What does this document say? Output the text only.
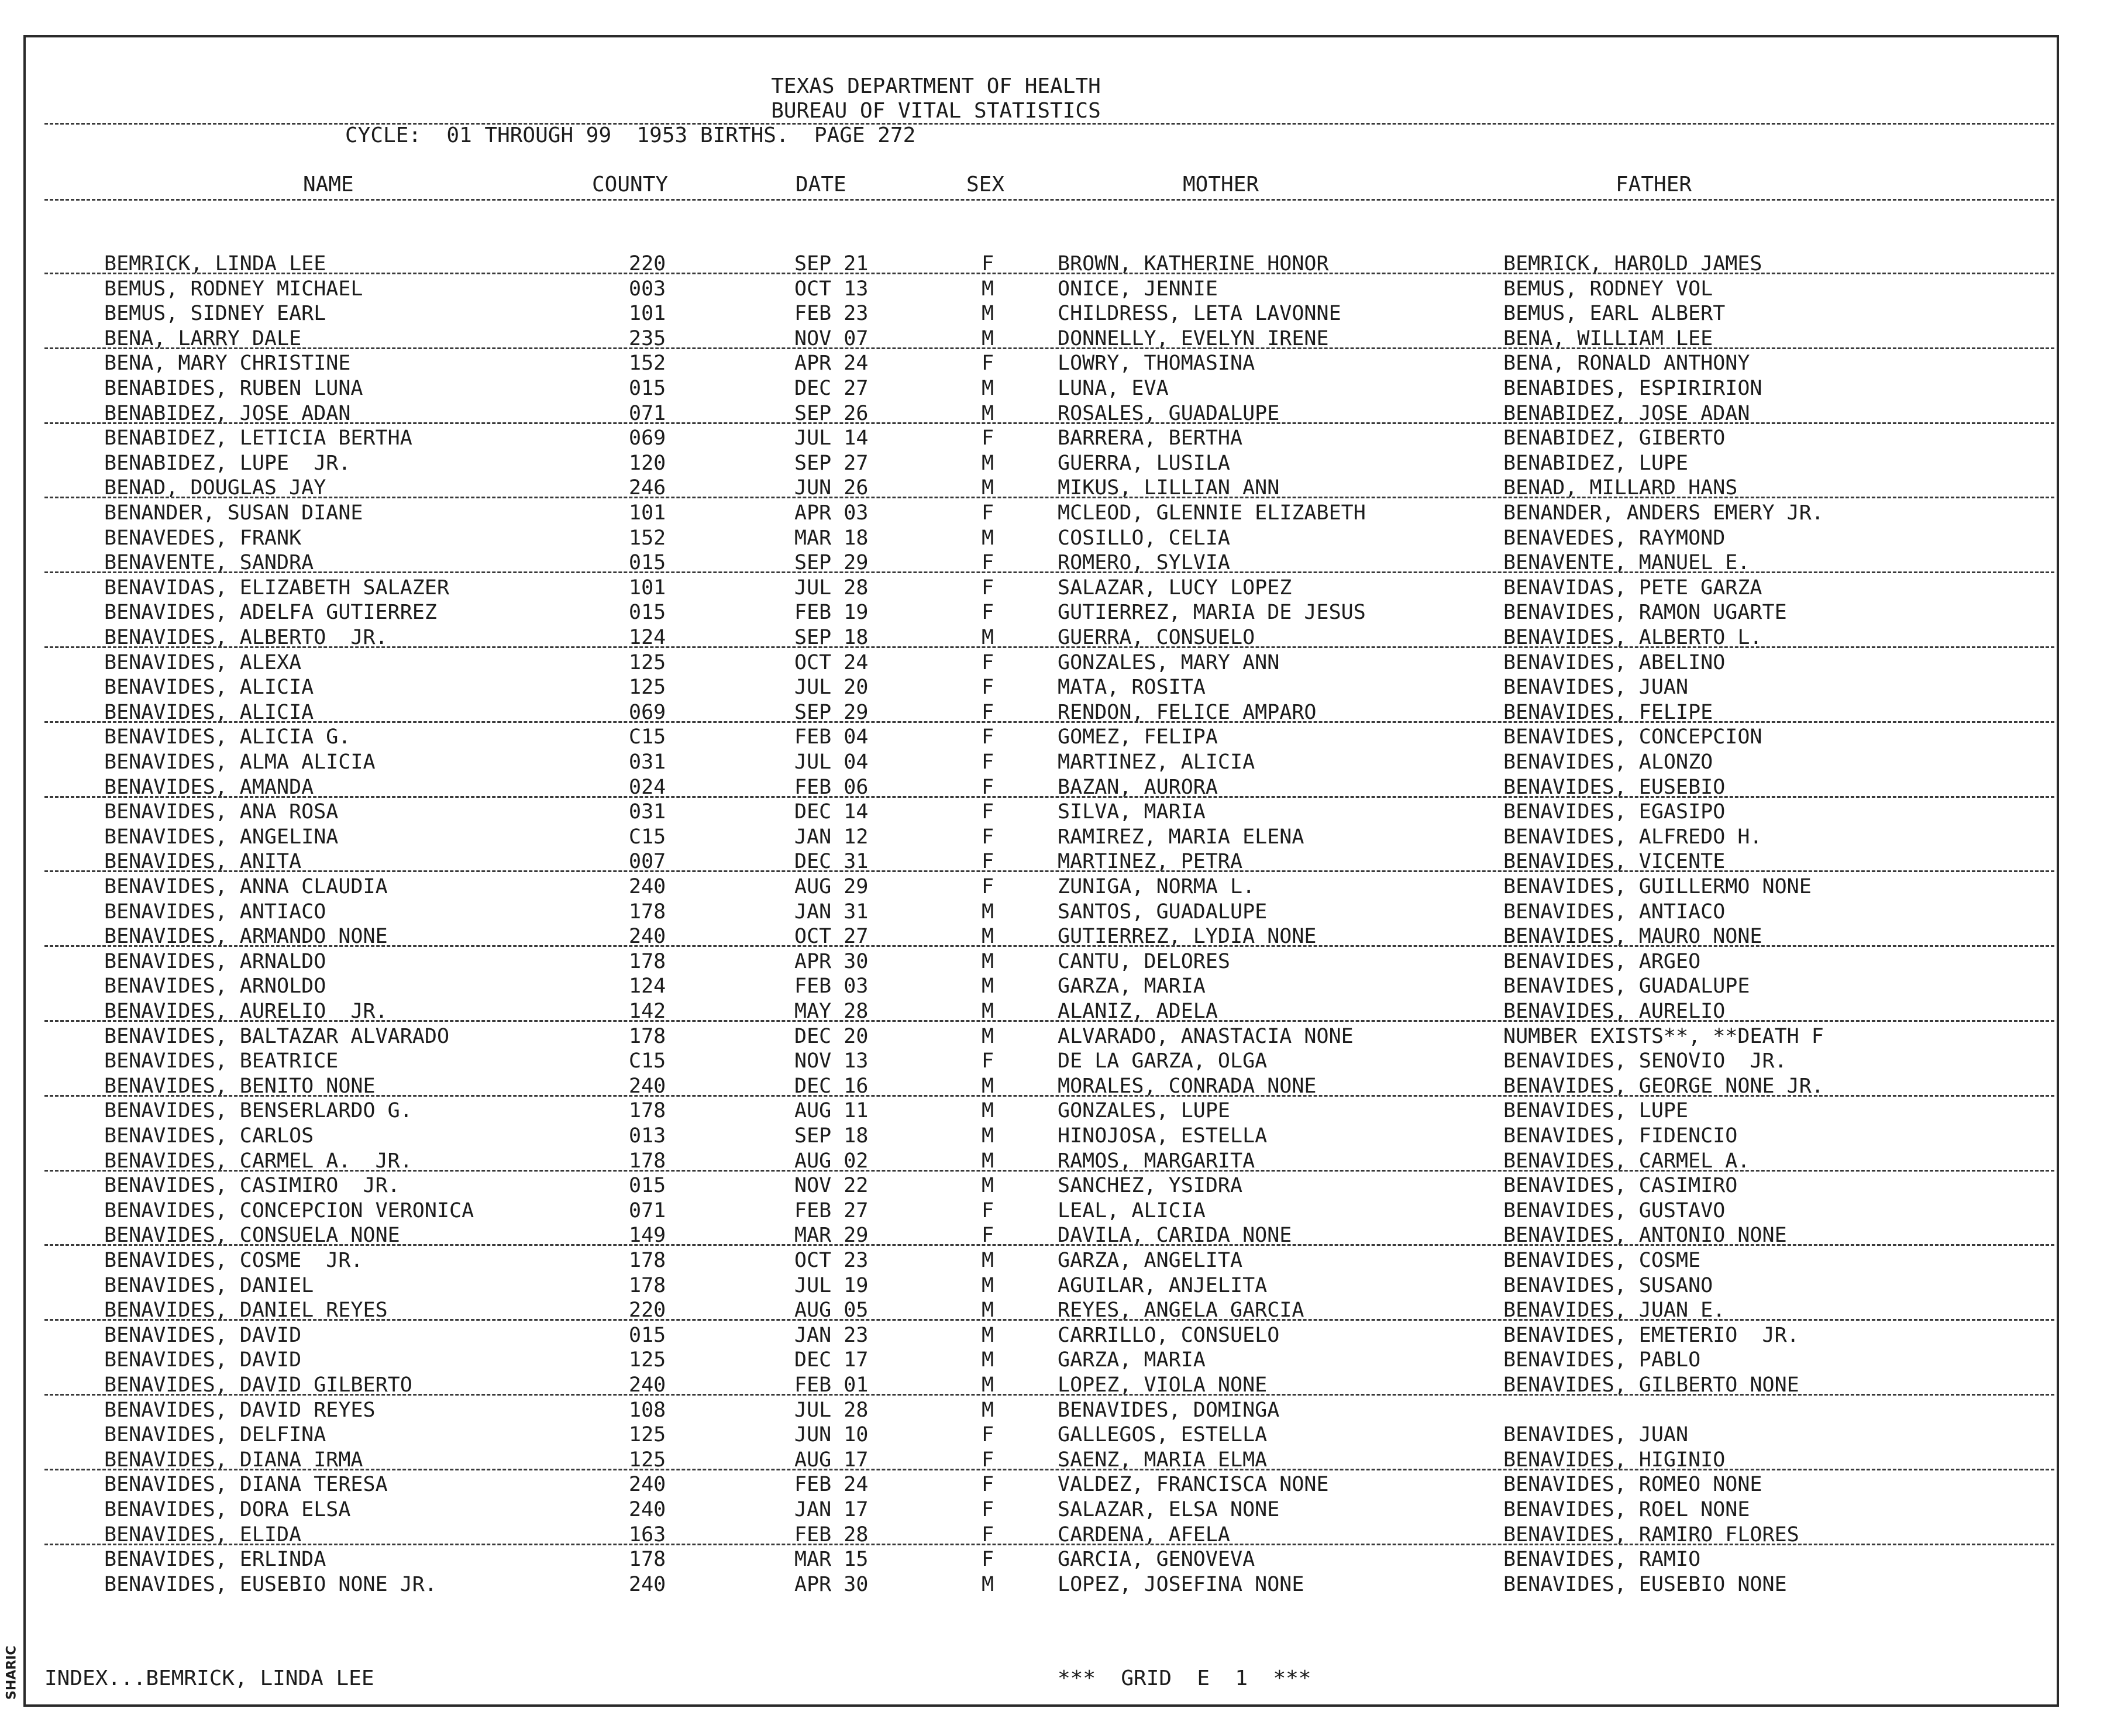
SHARIC
TEXAS DEPARTMENT OF HEALTH
BUREAU OF VITAL STATISTICS
CYCLE:  01 THROUGH 99  1953 BIRTHS.  PAGE 272
NAME	COUNTY	DATE	SEX	MOTHER	FATHER
BEMRICK, LINDA LEE	220	SEP 21	F	BROWN, KATHERINE HONOR	BEMRICK, HAROLD JAMES
BEMUS, RODNEY MICHAEL	003	OCT 13	M	ONICE, JENNIE	BEMUS, RODNEY VOL
BEMUS, SIDNEY EARL	101	FEB 23	M	CHILDRESS, LETA LAVONNE	BEMUS, EARL ALBERT
BENA, LARRY DALE	235	NOV 07	M	DONNELLY, EVELYN IRENE	BENA, WILLIAM LEE
BENA, MARY CHRISTINE	152	APR 24	F	LOWRY, THOMASINA	BENA, RONALD ANTHONY
BENABIDES, RUBEN LUNA	015	DEC 27	M	LUNA, EVA	BENABIDES, ESPIRIRION
BENABIDEZ, JOSE ADAN	071	SEP 26	M	ROSALES, GUADALUPE	BENABIDEZ, JOSE ADAN
BENABIDEZ, LETICIA BERTHA	069	JUL 14	F	BARRERA, BERTHA	BENABIDEZ, GIBERTO
BENABIDEZ, LUPE  JR.	120	SEP 27	M	GUERRA, LUSILA	BENABIDEZ, LUPE
BENAD, DOUGLAS JAY	246	JUN 26	M	MIKUS, LILLIAN ANN	BENAD, MILLARD HANS
BENANDER, SUSAN DIANE	101	APR 03	F	MCLEOD, GLENNIE ELIZABETH	BENANDER, ANDERS EMERY JR.
BENAVEDES, FRANK	152	MAR 18	M	COSILLO, CELIA	BENAVEDES, RAYMOND
BENAVENTE, SANDRA	015	SEP 29	F	ROMERO, SYLVIA	BENAVENTE, MANUEL E.
BENAVIDAS, ELIZABETH SALAZER	101	JUL 28	F	SALAZAR, LUCY LOPEZ	BENAVIDAS, PETE GARZA
BENAVIDES, ADELFA GUTIERREZ	015	FEB 19	F	GUTIERREZ, MARIA DE JESUS	BENAVIDES, RAMON UGARTE
BENAVIDES, ALBERTO  JR.	124	SEP 18	M	GUERRA, CONSUELO	BENAVIDES, ALBERTO L.
BENAVIDES, ALEXA	125	OCT 24	F	GONZALES, MARY ANN	BENAVIDES, ABELINO
BENAVIDES, ALICIA	125	JUL 20	F	MATA, ROSITA	BENAVIDES, JUAN
BENAVIDES, ALICIA	069	SEP 29	F	RENDON, FELICE AMPARO	BENAVIDES, FELIPE
BENAVIDES, ALICIA G.	C15	FEB 04	F	GOMEZ, FELIPA	BENAVIDES, CONCEPCION
BENAVIDES, ALMA ALICIA	031	JUL 04	F	MARTINEZ, ALICIA	BENAVIDES, ALONZO
BENAVIDES, AMANDA	024	FEB 06	F	BAZAN, AURORA	BENAVIDES, EUSEBIO
BENAVIDES, ANA ROSA	031	DEC 14	F	SILVA, MARIA	BENAVIDES, EGASIPO
BENAVIDES, ANGELINA	C15	JAN 12	F	RAMIREZ, MARIA ELENA	BENAVIDES, ALFREDO H.
BENAVIDES, ANITA	007	DEC 31	F	MARTINEZ, PETRA	BENAVIDES, VICENTE
BENAVIDES, ANNA CLAUDIA	240	AUG 29	F	ZUNIGA, NORMA L.	BENAVIDES, GUILLERMO NONE
BENAVIDES, ANTIACO	178	JAN 31	M	SANTOS, GUADALUPE	BENAVIDES, ANTIACO
BENAVIDES, ARMANDO NONE	240	OCT 27	M	GUTIERREZ, LYDIA NONE	BENAVIDES, MAURO NONE
BENAVIDES, ARNALDO	178	APR 30	M	CANTU, DELORES	BENAVIDES, ARGEO
BENAVIDES, ARNOLDO	124	FEB 03	M	GARZA, MARIA	BENAVIDES, GUADALUPE
BENAVIDES, AURELIO  JR.	142	MAY 28	M	ALANIZ, ADELA	BENAVIDES, AURELIO
BENAVIDES, BALTAZAR ALVARADO	178	DEC 20	M	ALVARADO, ANASTACIA NONE	NUMBER EXISTS**, **DEATH F
BENAVIDES, BEATRICE	C15	NOV 13	F	DE LA GARZA, OLGA	BENAVIDES, SENOVIO  JR.
BENAVIDES, BENITO NONE	240	DEC 16	M	MORALES, CONRADA NONE	BENAVIDES, GEORGE NONE JR.
BENAVIDES, BENSERLARDO G.	178	AUG 11	M	GONZALES, LUPE	BENAVIDES, LUPE
BENAVIDES, CARLOS	013	SEP 18	M	HINOJOSA, ESTELLA	BENAVIDES, FIDENCIO
BENAVIDES, CARMEL A.  JR.	178	AUG 02	M	RAMOS, MARGARITA	BENAVIDES, CARMEL A.
BENAVIDES, CASIMIRO  JR.	015	NOV 22	M	SANCHEZ, YSIDRA	BENAVIDES, CASIMIRO
BENAVIDES, CONCEPCION VERONICA	071	FEB 27	F	LEAL, ALICIA	BENAVIDES, GUSTAVO
BENAVIDES, CONSUELA NONE	149	MAR 29	F	DAVILA, CARIDA NONE	BENAVIDES, ANTONIO NONE
BENAVIDES, COSME  JR.	178	OCT 23	M	GARZA, ANGELITA	BENAVIDES, COSME
BENAVIDES, DANIEL	178	JUL 19	M	AGUILAR, ANJELITA	BENAVIDES, SUSANO
BENAVIDES, DANIEL REYES	220	AUG 05	M	REYES, ANGELA GARCIA	BENAVIDES, JUAN E.
BENAVIDES, DAVID	015	JAN 23	M	CARRILLO, CONSUELO	BENAVIDES, EMETERIO  JR.
BENAVIDES, DAVID	125	DEC 17	M	GARZA, MARIA	BENAVIDES, PABLO
BENAVIDES, DAVID GILBERTO	240	FEB 01	M	LOPEZ, VIOLA NONE	BENAVIDES, GILBERTO NONE
BENAVIDES, DAVID REYES	108	JUL 28	M	BENAVIDES, DOMINGA
BENAVIDES, DELFINA	125	JUN 10	F	GALLEGOS, ESTELLA	BENAVIDES, JUAN
BENAVIDES, DIANA IRMA	125	AUG 17	F	SAENZ, MARIA ELMA	BENAVIDES, HIGINIO
BENAVIDES, DIANA TERESA	240	FEB 24	F	VALDEZ, FRANCISCA NONE	BENAVIDES, ROMEO NONE
BENAVIDES, DORA ELSA	240	JAN 17	F	SALAZAR, ELSA NONE	BENAVIDES, ROEL NONE
BENAVIDES, ELIDA	163	FEB 28	F	CARDENA, AFELA	BENAVIDES, RAMIRO FLORES
BENAVIDES, ERLINDA	178	MAR 15	F	GARCIA, GENOVEVA	BENAVIDES, RAMIO
BENAVIDES, EUSEBIO NONE JR.	240	APR 30	M	LOPEZ, JOSEFINA NONE	BENAVIDES, EUSEBIO NONE
INDEX...BEMRICK, LINDA LEE	***  GRID  E  1  ***
